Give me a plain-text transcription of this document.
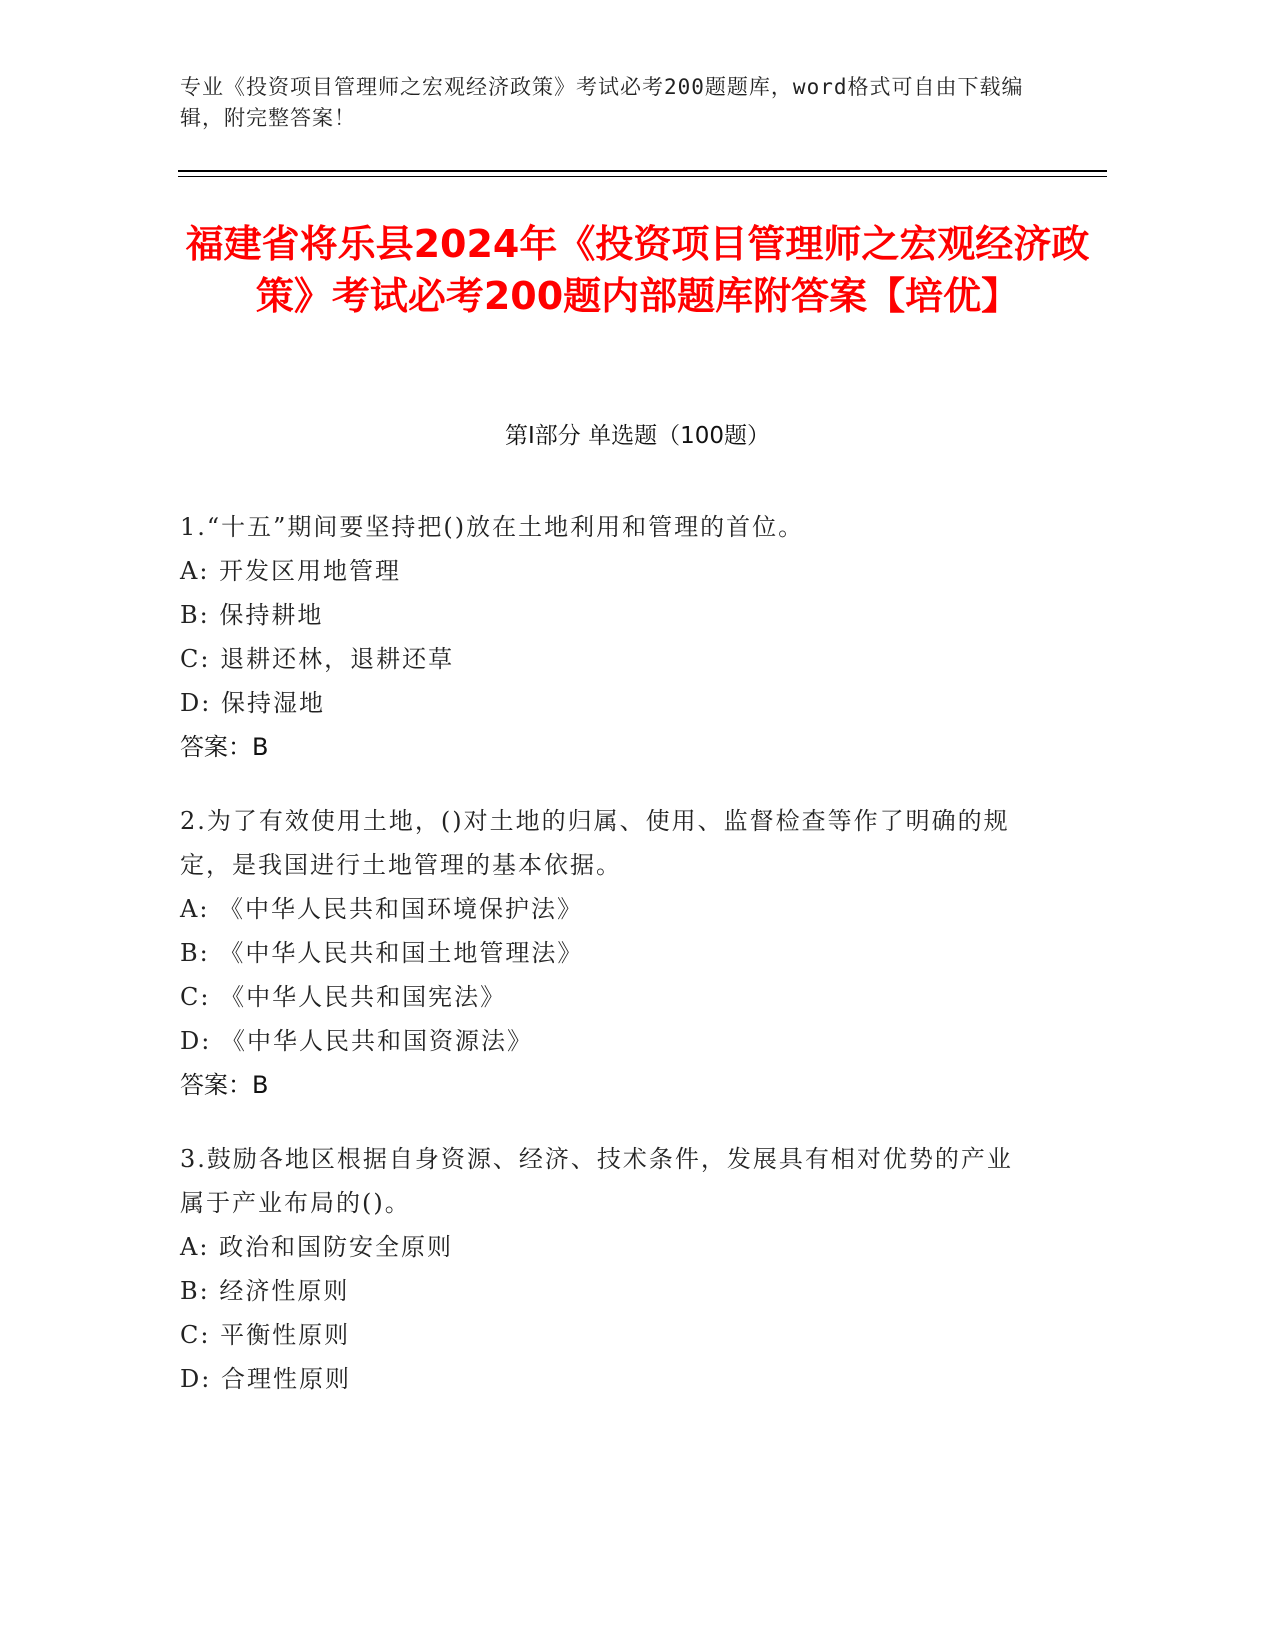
专业《投资项目管理师之宏观经济政策》考试必考200题题库，word格式可自由下载编辑，附完整答案！
福建省将乐县2024年《投资项目管理师之宏观经济政策》考试必考200题内部题库附答案【培优】
第I部分 单选题（100题）
1.“十五”期间要坚持把()放在土地利用和管理的首位。
A: 开发区用地管理
B: 保持耕地
C: 退耕还林，退耕还草
D: 保持湿地
答案：B
2.为了有效使用土地，()对土地的归属、使用、监督检查等作了明确的规定，是我国进行土地管理的基本依据。
A: 《中华人民共和国环境保护法》
B: 《中华人民共和国土地管理法》
C: 《中华人民共和国宪法》
D: 《中华人民共和国资源法》
答案：B
3.鼓励各地区根据自身资源、经济、技术条件，发展具有相对优势的产业属于产业布局的()。
A: 政治和国防安全原则
B: 经济性原则
C: 平衡性原则
D: 合理性原则
